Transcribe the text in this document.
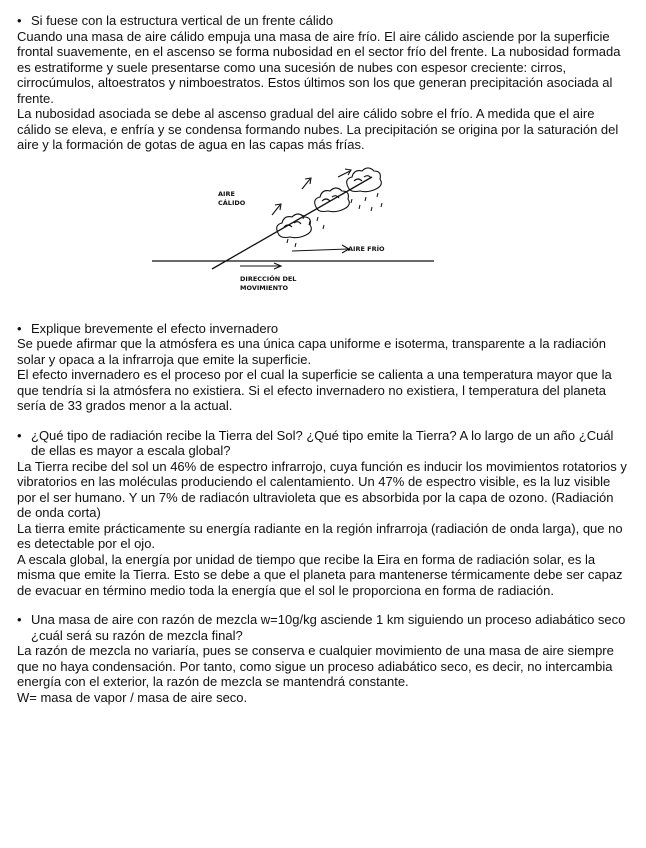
• Si fuese con la estructura vertical de un frente cálido

Cuando una masa de aire cálido empuja una masa de aire frío. El aire cálido asciende por la superficie frontal suavemente, en el ascenso se forma nubosidad en el sector frío del frente. La nubosidad formada es estratiforme y suele presentarse como una sucesión de nubes con espesor creciente: cirros, cirrocúmulos, altoestratos y nimboestratos. Estos últimos son los que generan precipitación asociada al frente.

La nubosidad asociada se debe al ascenso gradual del aire cálido sobre el frío. A medida que el aire cálido se eleva, e enfría y se condensa formando nubes. La precipitación se origina por la saturación del aire y la formación de gotas de agua en las capas más frías.

AIRE
CÁLIDO
AIRE FRÍO
DIRECCIÓN DEL
MOVIMIENTO

• Explique brevemente el efecto invernadero

Se puede afirmar que la atmósfera es una única capa uniforme e isoterma, transparente a la radiación solar y opaca a la infrarroja que emite la superficie.

El efecto invernadero es el proceso por el cual la superficie se calienta a una temperatura mayor que la que tendría si la atmósfera no existiera. Si el efecto invernadero no existiera, l temperatura del planeta sería de 33 grados menor a la actual.

• ¿Qué tipo de radiación recibe la Tierra del Sol? ¿Qué tipo emite la Tierra? A lo largo de un año ¿Cuál de ellas es mayor a escala global?

La Tierra recibe del sol un 46% de espectro infrarrojo, cuya función es inducir los movimientos rotatorios y vibratorios en las moléculas produciendo el calentamiento. Un 47% de espectro visible, es la luz visible por el ser humano. Y un 7% de radiacón ultravioleta que es absorbida por la capa de ozono. (Radiación de onda corta)

La tierra emite prácticamente su energía radiante en la región infrarroja (radiación de onda larga), que no es detectable por el ojo.

A escala global, la energía por unidad de tiempo que recibe la Eira en forma de radiación solar, es la misma que emite la Tierra. Esto se debe a que el planeta para mantenerse térmicamente debe ser capaz de evacuar en término medio toda la energía que el sol le proporciona en forma de radiación.

• Una masa de aire con razón de mezcla w=10g/kg asciende 1 km siguiendo un proceso adiabático seco ¿cuál será su razón de mezcla final?

La razón de mezcla no variaría, pues se conserva e cualquier movimiento de una masa de aire siempre que no haya condensación. Por tanto, como sigue un proceso adiabático seco, es decir, no intercambia energía con el exterior, la razón de mezcla se mantendrá constante.

W= masa de vapor / masa de aire seco.
